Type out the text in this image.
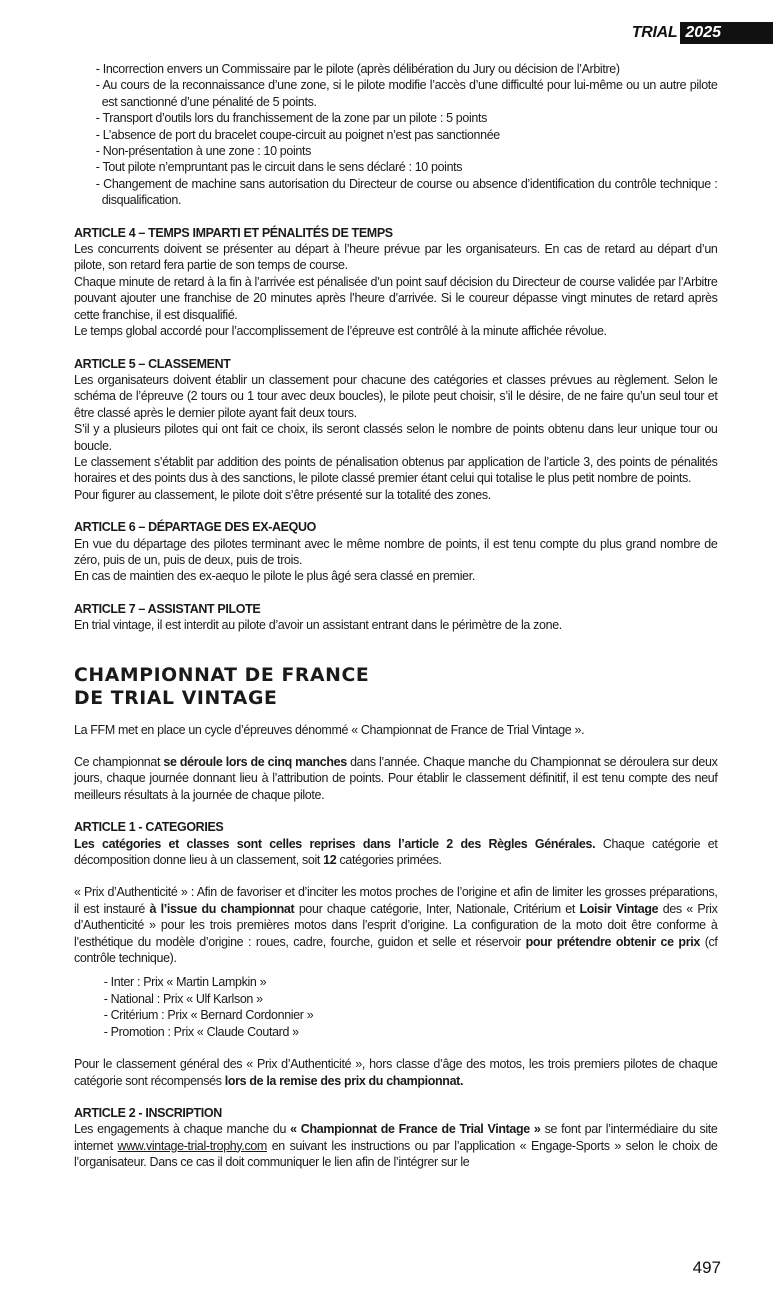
TRIAL 2025

- Incorrection envers un Commissaire par le pilote (après délibération du Jury ou décision de l’Arbitre)

- Au cours de la reconnaissance d’une zone, si le pilote modifie l’accès d’une difficulté pour lui-même ou un autre pilote est sanctionné d’une pénalité de 5 points.

- Transport d’outils lors du franchissement de la zone par un pilote : 5 points

- L’absence de port du bracelet coupe-circuit au poignet n’est pas sanctionnée

- Non-présentation à une zone : 10 points

- Tout pilote n’empruntant pas le circuit dans le sens déclaré : 10 points

- Changement de machine sans autorisation du Directeur de course ou absence d’identification du contrôle technique : disqualification.

ARTICLE 4 – TEMPS IMPARTI ET PÉNALITÉS DE TEMPS

Les concurrents doivent se présenter au départ à l’heure prévue par les organisateurs. En cas de retard au départ d’un pilote, son retard fera partie de son temps de course.

Chaque minute de retard à la fin à l’arrivée est pénalisée d’un point sauf décision du Directeur de course validée par l’Arbitre pouvant ajouter une franchise de 20 minutes après l’heure d’arrivée. Si le coureur dépasse vingt minutes de retard après cette franchise, il est disqualifié.

Le temps global accordé pour l’accomplissement de l’épreuve est contrôlé à la minute affichée révolue.

ARTICLE 5 – CLASSEMENT

Les organisateurs doivent établir un classement pour chacune des catégories et classes prévues au règlement. Selon le schéma de l’épreuve (2 tours ou 1 tour avec deux boucles), le pilote peut choisir, s’il le désire, de ne faire qu’un seul tour et être classé après le dernier pilote ayant fait deux tours.

S’il y a plusieurs pilotes qui ont fait ce choix, ils seront classés selon le nombre de points obtenu dans leur unique tour ou boucle.

Le classement s’établit par addition des points de pénalisation obtenus par application de l’article 3, des points de pénalités horaires et des points dus à des sanctions, le pilote classé premier étant celui qui totalise le plus petit nombre de points.

Pour figurer au classement, le pilote doit s’être présenté sur la totalité des zones.

ARTICLE 6 – DÉPARTAGE DES EX-AEQUO

En vue du départage des pilotes terminant avec le même nombre de points, il est tenu compte du plus grand nombre de zéro, puis de un, puis de deux, puis de trois.

En cas de maintien des ex-aequo le pilote le plus âgé sera classé en premier.

ARTICLE 7 – ASSISTANT PILOTE

En trial vintage, il est interdit au pilote d’avoir un assistant entrant dans le périmètre de la zone.

CHAMPIONNAT DE FRANCE

DE TRIAL VINTAGE

La FFM met en place un cycle d’épreuves dénommé « Championnat de France de Trial Vintage ».

Ce championnat se déroule lors de cinq manches dans l’année. Chaque manche du Championnat se déroulera sur deux jours, chaque journée donnant lieu à l’attribution de points. Pour établir le classement définitif, il est tenu compte des neuf meilleurs résultats à la journée de chaque pilote.

ARTICLE 1 - CATEGORIES

Les catégories et classes sont celles reprises dans l’article 2 des Règles Générales. Chaque catégorie et décomposition donne lieu à un classement, soit 12 catégories primées.

« Prix d’Authenticité » : Afin de favoriser et d’inciter les motos proches de l’origine et afin de limiter les grosses préparations, il est instauré à l’issue du championnat pour chaque catégorie, Inter, Nationale, Critérium et Loisir Vintage des « Prix d’Authenticité » pour les trois premières motos dans l’esprit d’origine. La configuration de la moto doit être conforme à l’esthétique du modèle d’origine : roues, cadre, fourche, guidon et selle et réservoir pour prétendre obtenir ce prix (cf contrôle technique).

- Inter : Prix « Martin Lampkin »

- National : Prix « Ulf Karlson »

- Critérium : Prix « Bernard Cordonnier »

- Promotion : Prix « Claude Coutard »

Pour le classement général des « Prix d’Authenticité », hors classe d’âge des motos, les trois premiers pilotes de chaque catégorie sont récompensés lors de la remise des prix du championnat.

ARTICLE 2 - INSCRIPTION

Les engagements à chaque manche du « Championnat de France de Trial Vintage » se font par l’intermédiaire du site internet www.vintage-trial-trophy.com en suivant les instructions ou par l’application « Engage-Sports » selon le choix de l’organisateur. Dans ce cas il doit communiquer le lien afin de l’intégrer sur le

497
